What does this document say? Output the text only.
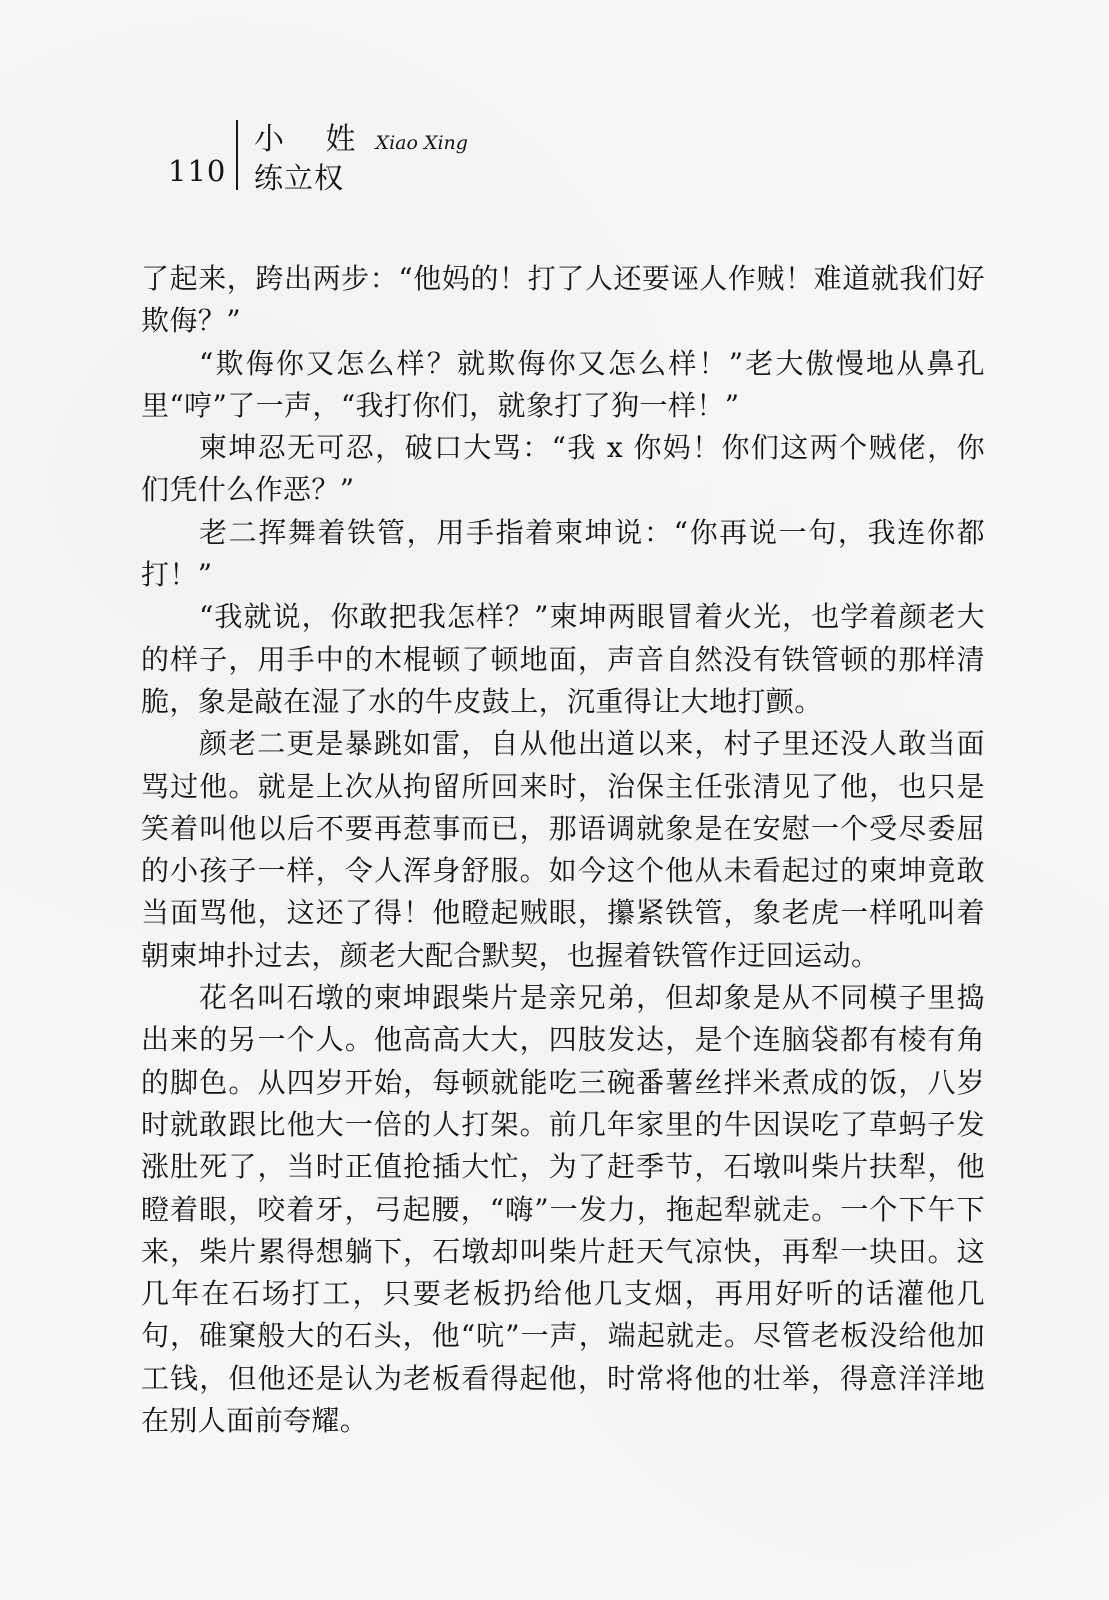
110
小 姓 Xiao Xing
练立权

了起来，跨出两步：“他妈的！打了人还要诬人作贼！难道就我们好欺侮？”

“欺侮你又怎么样？就欺侮你又怎么样！”老大傲慢地从鼻孔里“哼”了一声，“我打你们，就象打了狗一样！”

柬坤忍无可忍，破口大骂：“我 x 你妈！你们这两个贼佬，你们凭什么作恶？”

老二挥舞着铁管，用手指着柬坤说：“你再说一句，我连你都打！”

“我就说，你敢把我怎样？”柬坤两眼冒着火光，也学着颜老大的样子，用手中的木棍顿了顿地面，声音自然没有铁管顿的那样清脆，象是敲在湿了水的牛皮鼓上，沉重得让大地打颤。

颜老二更是暴跳如雷，自从他出道以来，村子里还没人敢当面骂过他。就是上次从拘留所回来时，治保主任张清见了他，也只是笑着叫他以后不要再惹事而已，那语调就象是在安慰一个受尽委屈的小孩子一样，令人浑身舒服。如今这个他从未看起过的柬坤竟敢当面骂他，这还了得！他瞪起贼眼，攥紧铁管，象老虎一样吼叫着朝柬坤扑过去，颜老大配合默契，也握着铁管作迂回运动。

花名叫石墩的柬坤跟柴片是亲兄弟，但却象是从不同模子里捣出来的另一个人。他高高大大，四肢发达，是个连脑袋都有棱有角的脚色。从四岁开始，每顿就能吃三碗番薯丝拌米煮成的饭，八岁时就敢跟比他大一倍的人打架。前几年家里的牛因误吃了草蚂子发涨肚死了，当时正值抢插大忙，为了赶季节，石墩叫柴片扶犁，他瞪着眼，咬着牙，弓起腰，“嗨”一发力，拖起犁就走。一个下午下来，柴片累得想躺下，石墩却叫柴片赶天气凉快，再犁一块田。这几年在石场打工，只要老板扔给他几支烟，再用好听的话灌他几句，碓窠般大的石头，他“吭”一声，端起就走。尽管老板没给他加工钱，但他还是认为老板看得起他，时常将他的壮举，得意洋洋地在别人面前夸耀。
